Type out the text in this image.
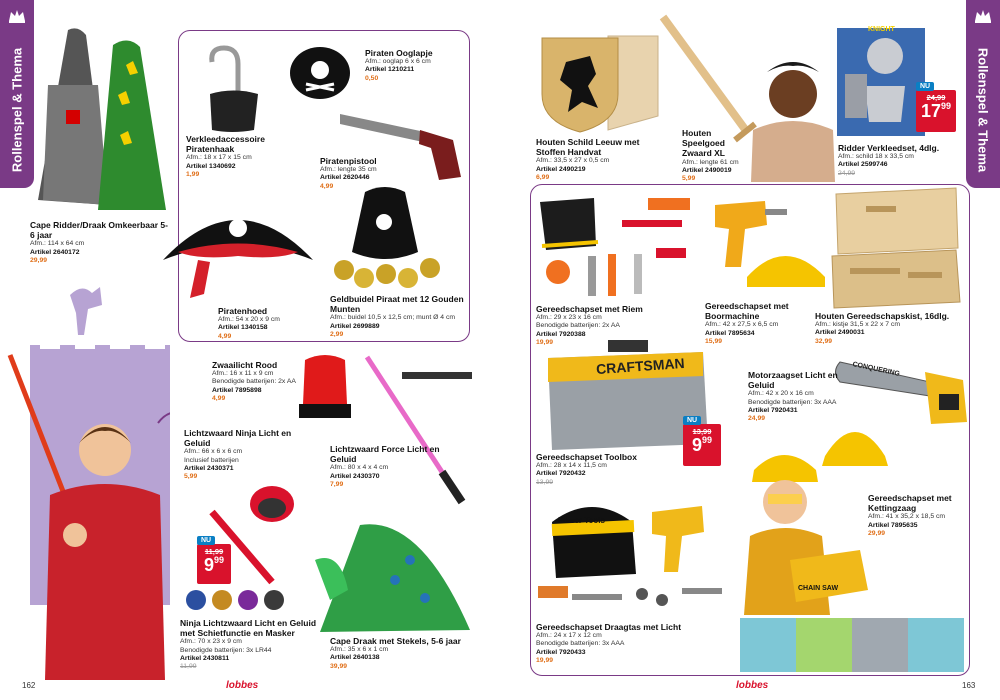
Rollenspel & Thema
Cape Ridder/Draak Omkeerbaar 5-6 jaar
Afm.: 114 x 64 cm
Artikel 2640172
29,99
Verkleedaccessoire Piratenhaak
Afm.: 18 x 17 x 15 cm
Artikel 1340692
1,99
Piraten Ooglapje
Afm.: ooglap 6 x 6 cm
Artikel 1210211
0,50
Piratenpistool
Afm.: lengte 35 cm
Artikel 2620446
4,99
Piratenhoed
Afm.: 54 x 20 x 9 cm
Artikel 1340158
4,99
Geldbuidel Piraat met 12 Gouden Munten
Afm.: buidel 10,5 x 12,5 cm; munt Ø 4 cm
Artikel 2699889
2,99
Zwaailicht Rood
Afm.: 16 x 11 x 9 cm
Benodigde batterijen: 2x AA
Artikel 7895898
4,99
Lichtzwaard Ninja Licht en Geluid
Afm.: 66 x 6 x 6 cm
Inclusief batterijen
Artikel 2430371
5,99
Lichtzwaard Force Licht en Geluid
Afm.: 80 x 4 x 4 cm
Artikel 2430370
7,99
NU
11,99
$9^{99}$
Ninja Lichtzwaard Licht en Geluid met Schietfunctie en Masker
Afm.: 70 x 23 x 9 cm
Benodigde batterijen: 3x LR44
Artikel 2430811
11,99
Cape Draak met Stekels, 5-6 jaar
Afm.: 35 x 6 x 1 cm
Artikel 2640138
39,99
162	lobbes
Rollenspel & Thema
Houten Schild Leeuw met Stoffen Handvat
Afm.: 33,5 x 27 x 0,5 cm
Artikel 2490219
6,99
Houten Speelgoed Zwaard XL
Afm.: lengte 61 cm
Artikel 2490019
5,99
KNIGHT
NU
24,99
$17^{99}$
Ridder Verkleedset, 4dlg.
Afm.: schild 18 x 33,5 cm
Artikel 2599746
24,99
Gereedschapset met Riem
Afm.: 29 x 23 x 16 cm
Benodigde batterijen: 2x AA
Artikel 7920388
19,99
Gereedschapset met Boormachine
Afm.: 42 x 27,5 x 6,5 cm
Artikel 7895634
15,99
Houten Gereedschapskist, 16dlg.
Afm.: kistje 31,5 x 22 x 7 cm
Artikel 2490031
32,99
CRAFTSMAN
NU
13,99
$9^{99}$
Gereedschapset Toolbox
Afm.: 28 x 14 x 11,5 cm
Artikel 7920432
13,99
CONQUERING
Motorzaagset Licht en Geluid
Afm.: 42 x 20 x 16 cm
Benodigde batterijen: 3x AAA
Artikel 7920431
24,99
Gereedschapset met Kettingzaag
Afm.: 41 x 35,2 x 18,5 cm
Artikel 7895635
29,99
CHAIN SAW
Power Tools
Gereedschapset Draagtas met Licht
Afm.: 24 x 17 x 12 cm
Benodigde batterijen: 3x AAA
Artikel 7920433
19,99
lobbes	163
